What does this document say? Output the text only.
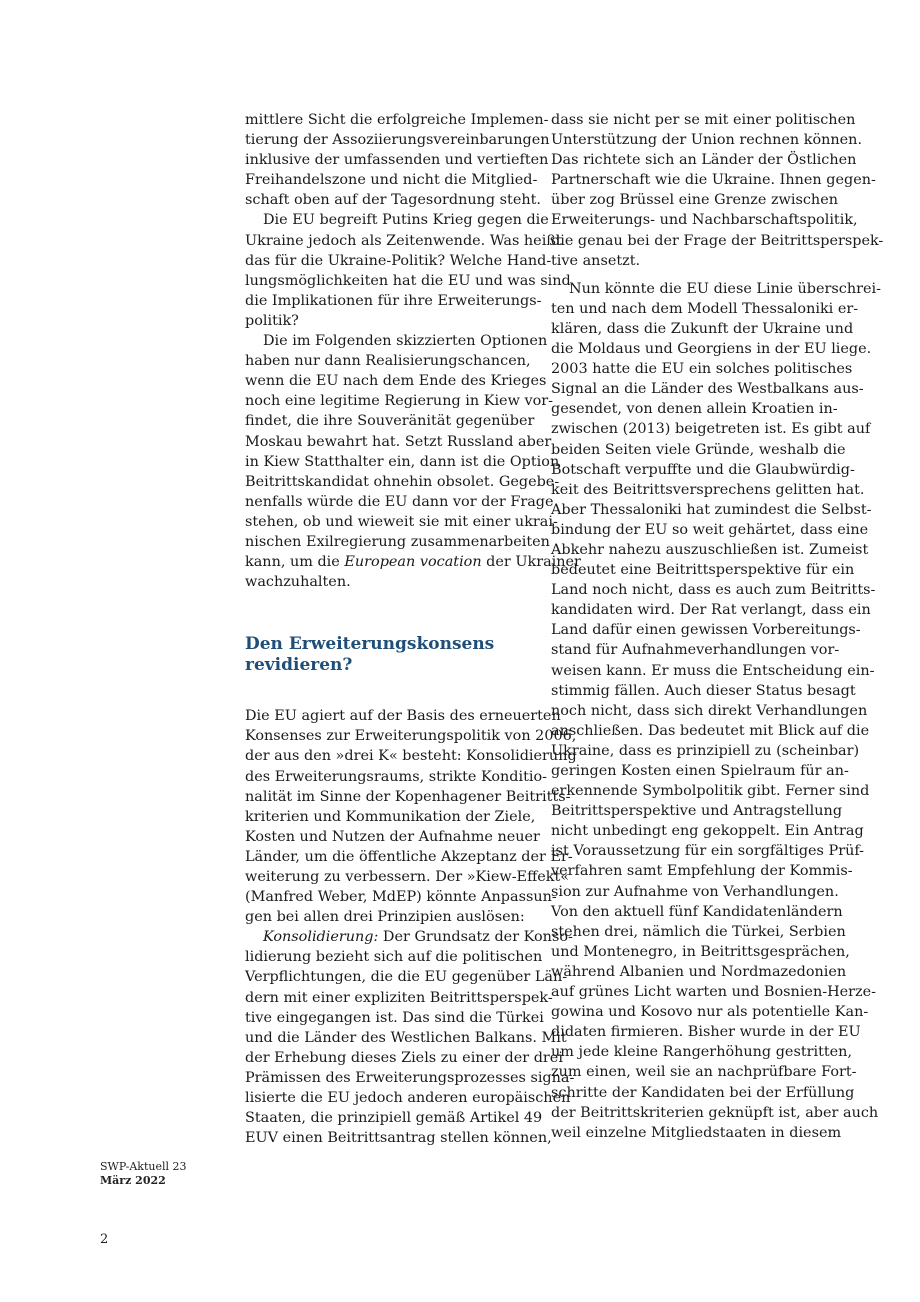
mittlere Sicht die erfolgreiche Implemen-
tierung der Assoziierungsvereinbarungen
inklusive der umfassenden und vertieften
Freihandelszone und nicht die Mitglied-
schaft oben auf der Tagesordnung steht.
Die EU begreift Putins Krieg gegen die
Ukraine jedoch als Zeitenwende. Was heißt
das für die Ukraine-Politik? Welche Hand-
lungsmöglichkeiten hat die EU und was sind
die Implikationen für ihre Erweiterungs-
politik?
Die im Folgenden skizzierten Optionen
haben nur dann Realisierungschancen,
wenn die EU nach dem Ende des Krieges
noch eine legitime Regierung in Kiew vor-
findet, die ihre Souveränität gegenüber
Moskau bewahrt hat. Setzt Russland aber
in Kiew Statthalter ein, dann ist die Option
Beitrittskandidat ohnehin obsolet. Gegebe-
nenfalls würde die EU dann vor der Frage
stehen, ob und wieweit sie mit einer ukrai-
nischen Exilregierung zusammenarbeiten
kann, um die European vocation der Ukrainer
wachzuhalten.
Den Erweiterungskonsens
revidieren?
Die EU agiert auf der Basis des erneuerten
Konsenses zur Erweiterungspolitik von 2006,
der aus den »drei K« besteht: Konsolidierung
des Erweiterungsraums, strikte Konditio-
nalität im Sinne der Kopenhagener Beitritts-
kriterien und Kommunikation der Ziele,
Kosten und Nutzen der Aufnahme neuer
Länder, um die öffentliche Akzeptanz der Er-
weiterung zu verbessern. Der »Kiew-Effekt«
(Manfred Weber, MdEP) könnte Anpassun-
gen bei allen drei Prinzipien auslösen:
Konsolidierung: Der Grundsatz der Konso-
lidierung bezieht sich auf die politischen
Verpflichtungen, die die EU gegenüber Län-
dern mit einer expliziten Beitrittsperspek-
tive eingegangen ist. Das sind die Türkei
und die Länder des Westlichen Balkans. Mit
der Erhebung dieses Ziels zu einer der drei
Prämissen des Erweiterungsprozesses signa-
lisierte die EU jedoch anderen europäischen
Staaten, die prinzipiell gemäß Artikel 49
EUV einen Beitrittsantrag stellen können,
dass sie nicht per se mit einer politischen
Unterstützung der Union rechnen können.
Das richtete sich an Länder der Östlichen
Partnerschaft wie die Ukraine. Ihnen gegen-
über zog Brüssel eine Grenze zwischen
Erweiterungs- und Nachbarschaftspolitik,
die genau bei der Frage der Beitrittsperspek-
tive ansetzt.
Nun könnte die EU diese Linie überschrei-
ten und nach dem Modell Thessaloniki er-
klären, dass die Zukunft der Ukraine und
die Moldaus und Georgiens in der EU liege.
2003 hatte die EU ein solches politisches
Signal an die Länder des Westbalkans aus-
gesendet, von denen allein Kroatien in-
zwischen (2013) beigetreten ist. Es gibt auf
beiden Seiten viele Gründe, weshalb die
Botschaft verpuffte und die Glaubwürdig-
keit des Beitrittsversprechens gelitten hat.
Aber Thessaloniki hat zumindest die Selbst-
bindung der EU so weit gehärtet, dass eine
Abkehr nahezu auszuschließen ist. Zumeist
bedeutet eine Beitrittsperspektive für ein
Land noch nicht, dass es auch zum Beitritts-
kandidaten wird. Der Rat verlangt, dass ein
Land dafür einen gewissen Vorbereitungs-
stand für Aufnahmeverhandlungen vor-
weisen kann. Er muss die Entscheidung ein-
stimmig fällen. Auch dieser Status besagt
noch nicht, dass sich direkt Verhandlungen
anschließen. Das bedeutet mit Blick auf die
Ukraine, dass es prinzipiell zu (scheinbar)
geringen Kosten einen Spielraum für an-
erkennende Symbolpolitik gibt. Ferner sind
Beitrittsperspektive und Antragstellung
nicht unbedingt eng gekoppelt. Ein Antrag
ist Voraussetzung für ein sorgfältiges Prüf-
verfahren samt Empfehlung der Kommis-
sion zur Aufnahme von Verhandlungen.
Von den aktuell fünf Kandidatenländern
stehen drei, nämlich die Türkei, Serbien
und Montenegro, in Beitrittsgesprächen,
während Albanien und Nordmazedonien
auf grünes Licht warten und Bosnien-Herze-
gowina und Kosovo nur als potentielle Kan-
didaten firmieren. Bisher wurde in der EU
um jede kleine Rangerhöhung gestritten,
zum einen, weil sie an nachprüfbare Fort-
schritte der Kandidaten bei der Erfüllung
der Beitrittskriterien geknüpft ist, aber auch
weil einzelne Mitgliedstaaten in diesem
SWP-Aktuell 23
März 2022
2
